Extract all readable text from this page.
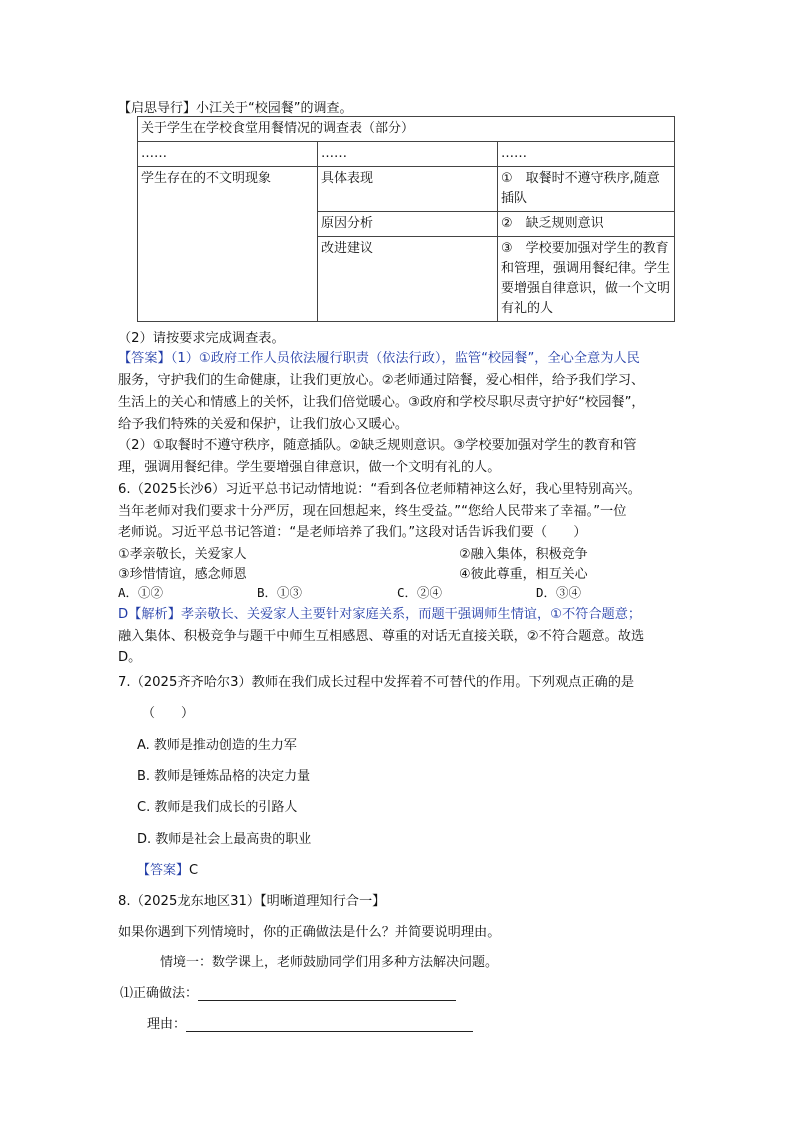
【启思导行】小江关于“校园餐”的调查。
关于学生在学校食堂用餐情况的调查表（部分）		
……	……	……
学生存在的不文明现象	具体表现	①　取餐时不遵守秩序,随意插队
	原因分析	②　缺乏规则意识
	改进建议	③　学校要加强对学生的教育和管理，强调用餐纪律。学生要增强自律意识，做一个文明有礼的人
（2）请按要求完成调查表。
【答案】（1）①政府工作人员依法履行职责（依法行政），监管“校园餐”，全心全意为人民
服务，守护我们的生命健康，让我们更放心。②老师通过陪餐，爱心相伴，给予我们学习、
生活上的关心和情感上的关怀，让我们倍觉暖心。③政府和学校尽职尽责守护好“校园餐”，
给予我们特殊的关爱和保护，让我们放心又暖心。
（2）①取餐时不遵守秩序，随意插队。②缺乏规则意识。③学校要加强对学生的教育和管
理，强调用餐纪律。学生要增强自律意识，做一个文明有礼的人。
6.（2025长沙6）习近平总书记动情地说：“看到各位老师精神这么好，我心里特别高兴。
当年老师对我们要求十分严厉，现在回想起来，终生受益。”“您给人民带来了幸福。”一位
老师说。习近平总书记答道：“是老师培养了我们。”这段对话告诉我们要（　　）
①孝亲敬长，关爱家人	②融入集体，积极竞争
③珍惜情谊，感念师恩	④彼此尊重，相互关心
A．①②	B．①③	C．②④	D．③④
D【解析】孝亲敬长、关爱家人主要针对家庭关系，而题干强调师生情谊，①不符合题意；
融入集体、积极竞争与题干中师生互相感恩、尊重的对话无直接关联，②不符合题意。故选
D。
7.（2025齐齐哈尔3）教师在我们成长过程中发挥着不可替代的作用。下列观点正确的是
（　　）
A. 教师是推动创造的生力军
B. 教师是锤炼品格的决定力量
C. 教师是我们成长的引路人
D. 教师是社会上最高贵的职业
【答案】C
8.（2025龙东地区31）【明晰道理知行合一】
如果你遇到下列情境时，你的正确做法是什么？并简要说明理由。
情境一：数学课上，老师鼓励同学们用多种方法解决问题。
⑴正确做法：
理由：
